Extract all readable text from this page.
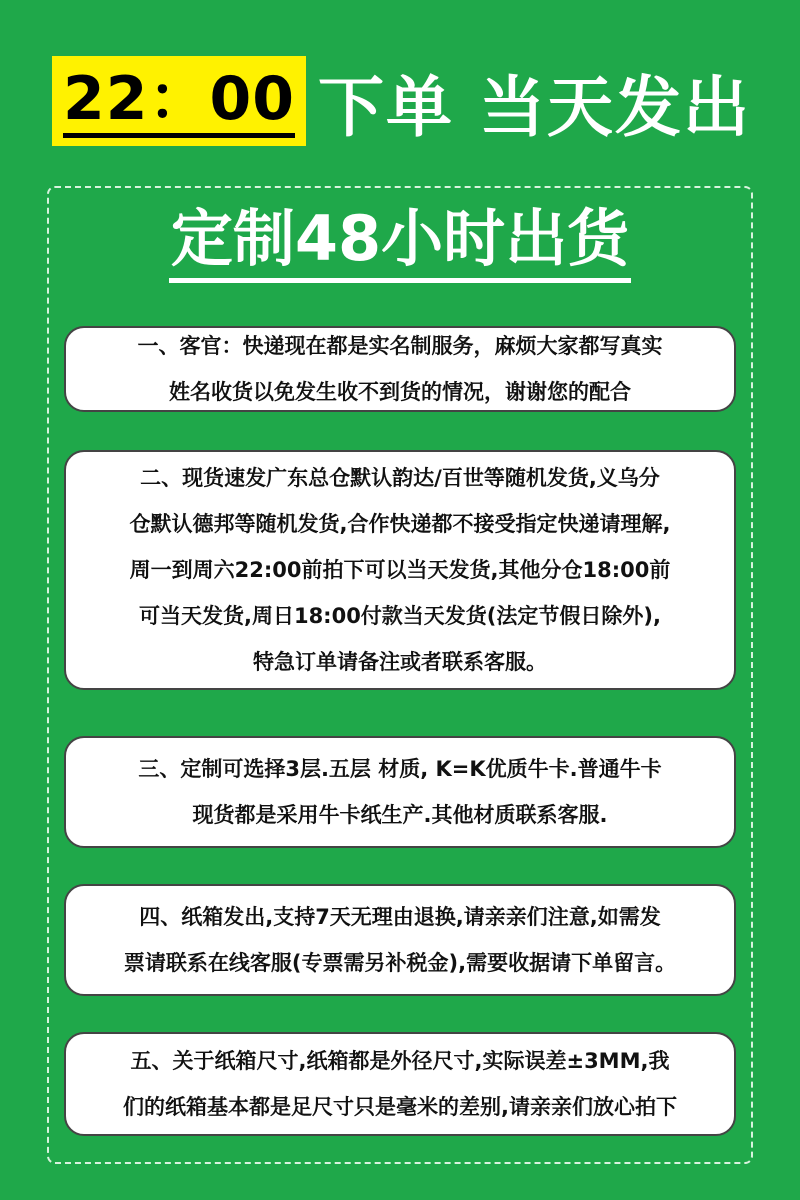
22：00 下单 当天发出
定制48小时出货

一、客官：快递现在都是实名制服务，麻烦大家都写真实
姓名收货以免发生收不到货的情况，谢谢您的配合

二、现货速发广东总仓默认韵达/百世等随机发货,义乌分
仓默认德邦等随机发货,合作快递都不接受指定快递请理解,
周一到周六22:00前拍下可以当天发货,其他分仓18:00前
可当天发货,周日18:00付款当天发货(法定节假日除外),
特急订单请备注或者联系客服。

三、定制可选择3层.五层 材质, K=K优质牛卡.普通牛卡
现货都是采用牛卡纸生产.其他材质联系客服.

四、纸箱发出,支持7天无理由退换,请亲亲们注意,如需发
票请联系在线客服(专票需另补税金),需要收据请下单留言。

五、关于纸箱尺寸,纸箱都是外径尺寸,实际误差±3MM,我
们的纸箱基本都是足尺寸只是毫米的差别,请亲亲们放心拍下
